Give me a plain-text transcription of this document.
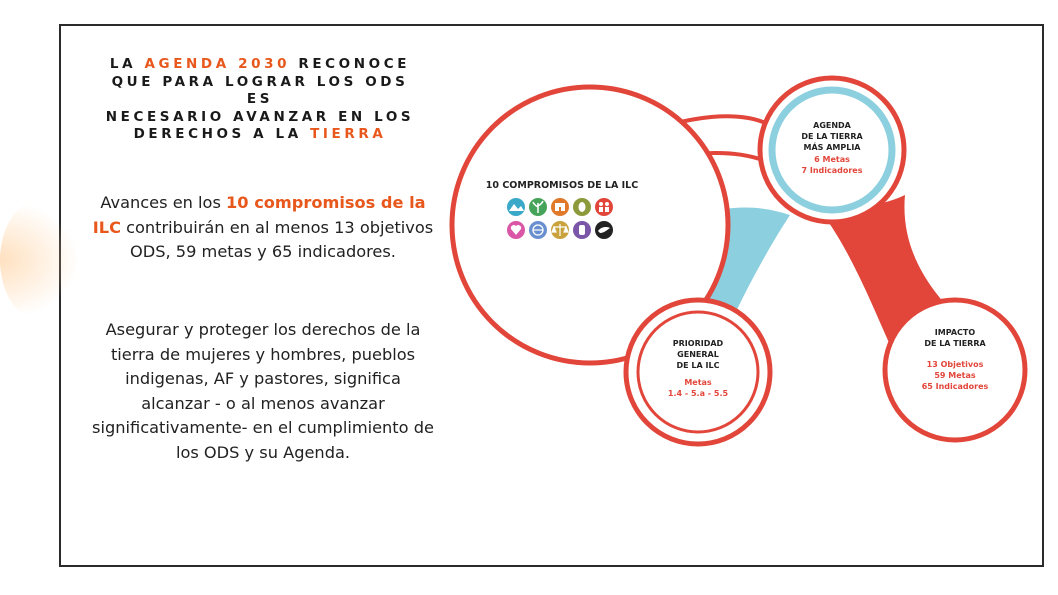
LA AGENDA 2030 RECONOCE
QUE PARA LOGRAR LOS ODS ES
NECESARIO AVANZAR EN LOS
DERECHOS A LA TIERRA
Avances en los 10 compromisos de la ILC contribuirán en al menos 13 objetivos ODS, 59 metas y 65 indicadores.
Asegurar y proteger los derechos de la tierra de mujeres y hombres, pueblos indigenas, AF y pastores, significa alcanzar - o al menos avanzar significativamente- en el cumplimiento de los ODS y su Agenda.
10 COMPROMISOS DE LA ILC
AGENDA
DE LA TIERRA
MÁS AMPLIA
6 Metas
7 Indicadores
PRIORIDAD
GENERAL
DE LA ILC
Metas
1.4 - 5.a - 5.5
IMPACTO
DE LA TIERRA
13 Objetivos
59 Metas
65 Indicadores
